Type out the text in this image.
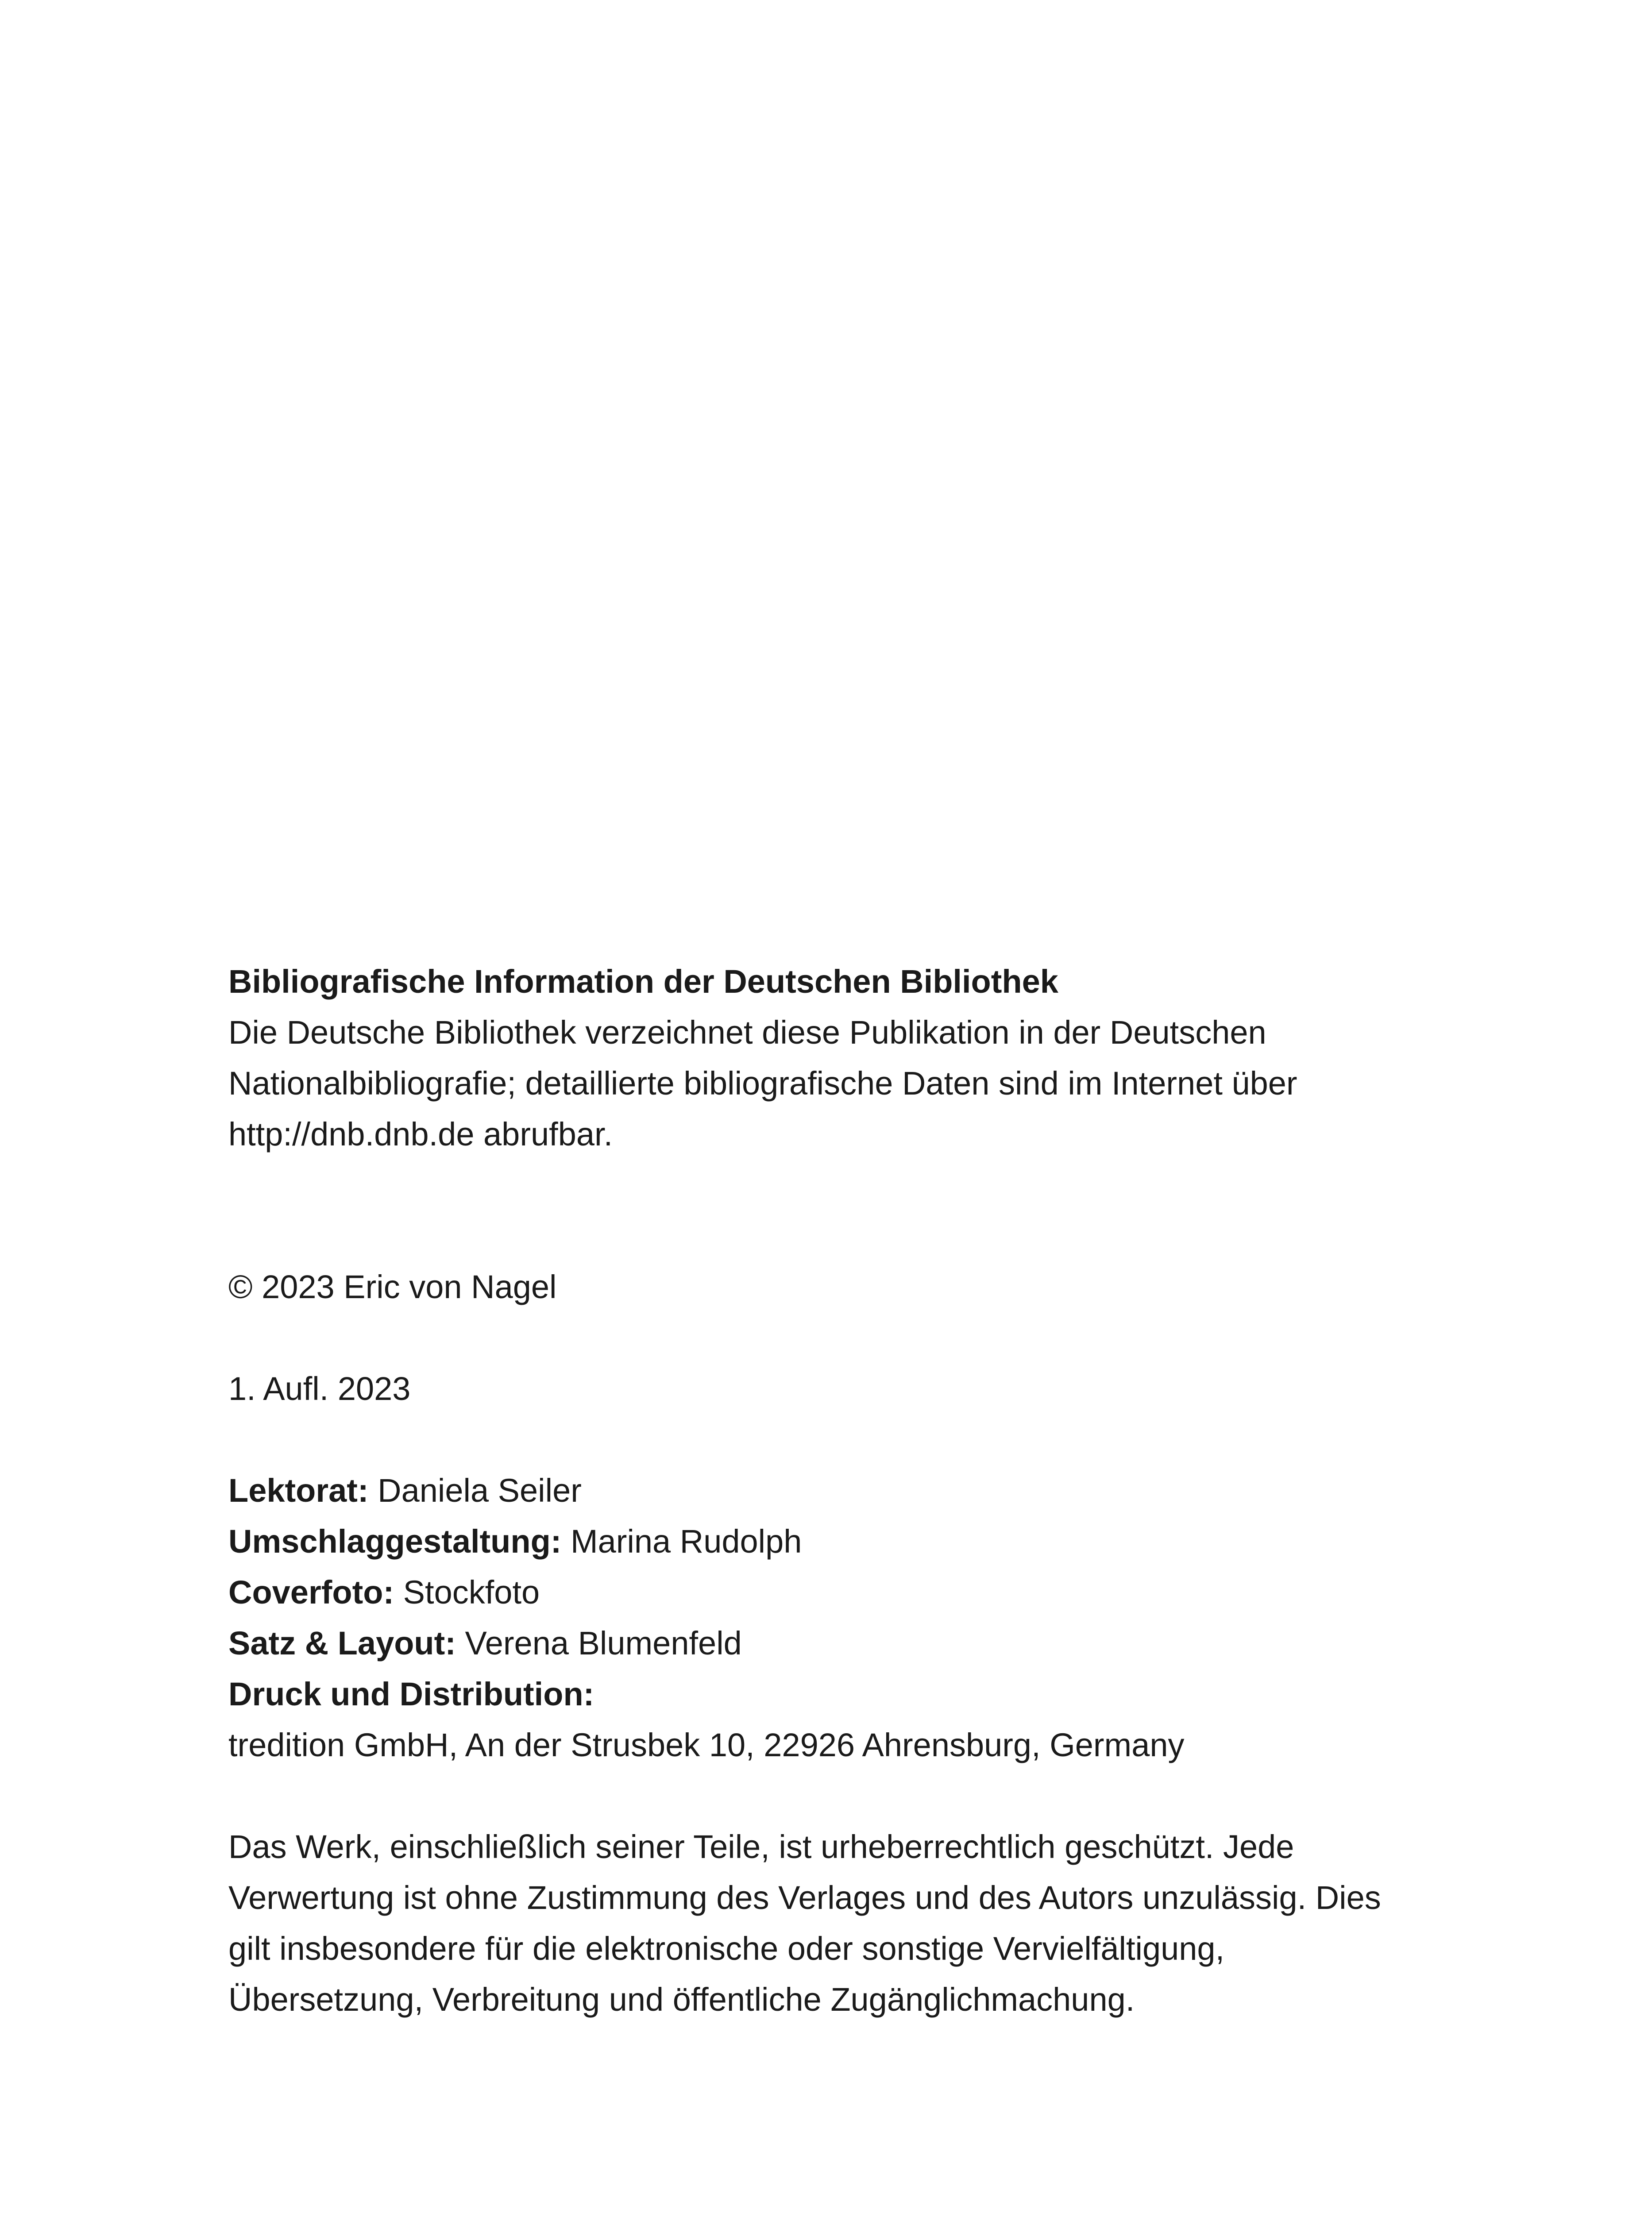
Bibliografische Information der Deutschen Bibliothek
Die Deutsche Bibliothek verzeichnet diese Publikation in der Deutschen
Nationalbibliografie; detaillierte bibliografische Daten sind im Internet über
http://dnb.dnb.de abrufbar.
© 2023 Eric von Nagel
1. Aufl. 2023
Lektorat: Daniela Seiler
Umschlaggestaltung: Marina Rudolph
Coverfoto: Stockfoto
Satz & Layout: Verena Blumenfeld
Druck und Distribution:
tredition GmbH, An der Strusbek 10, 22926 Ahrensburg, Germany
Das Werk, einschließlich seiner Teile, ist urheberrechtlich geschützt. Jede
Verwertung ist ohne Zustimmung des Verlages und des Autors unzulässig. Dies
gilt insbesondere für die elektronische oder sonstige Vervielfältigung,
Übersetzung, Verbreitung und öffentliche Zugänglichmachung.
